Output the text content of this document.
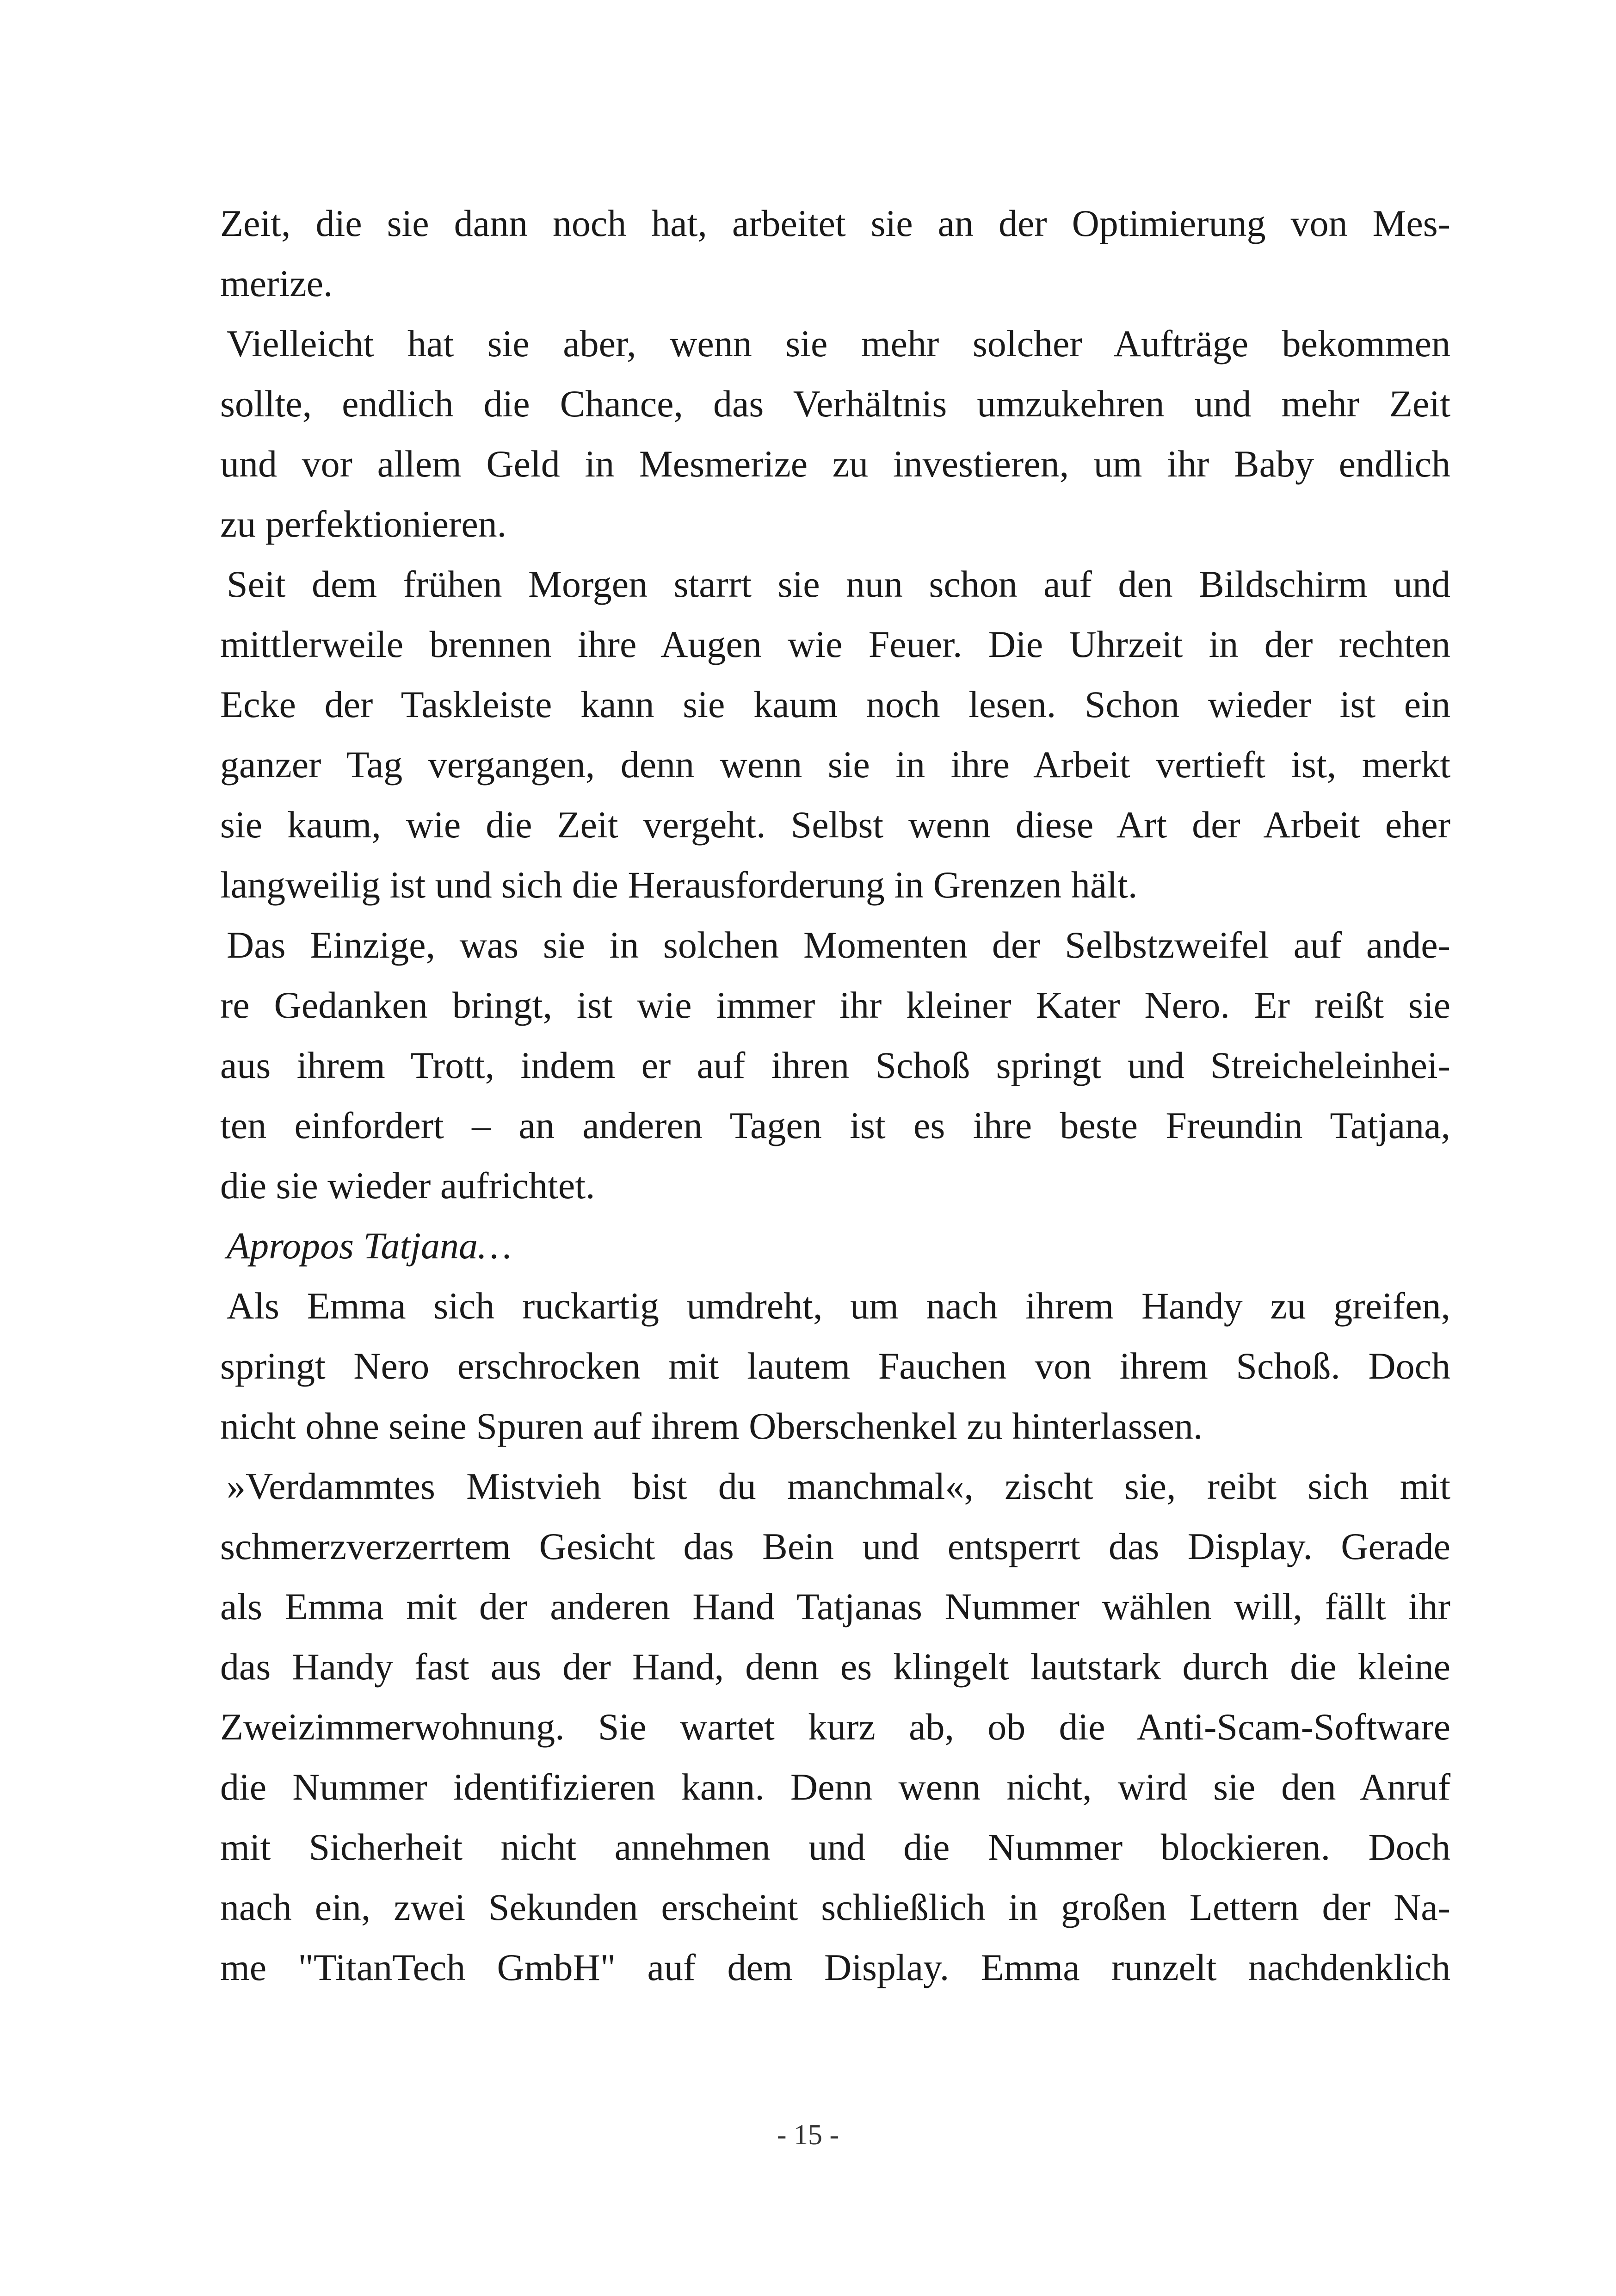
Zeit, die sie dann noch hat, arbeitet sie an der Optimierung von Mes-
merize.
Vielleicht hat sie aber, wenn sie mehr solcher Aufträge bekommen
sollte, endlich die Chance, das Verhältnis umzukehren und mehr Zeit
und vor allem Geld in Mesmerize zu investieren, um ihr Baby endlich
zu perfektionieren.
Seit dem frühen Morgen starrt sie nun schon auf den Bildschirm und
mittlerweile brennen ihre Augen wie Feuer. Die Uhrzeit in der rechten
Ecke der Taskleiste kann sie kaum noch lesen. Schon wieder ist ein
ganzer Tag vergangen, denn wenn sie in ihre Arbeit vertieft ist, merkt
sie kaum, wie die Zeit vergeht. Selbst wenn diese Art der Arbeit eher
langweilig ist und sich die Herausforderung in Grenzen hält.
Das Einzige, was sie in solchen Momenten der Selbstzweifel auf ande-
re Gedanken bringt, ist wie immer ihr kleiner Kater Nero. Er reißt sie
aus ihrem Trott, indem er auf ihren Schoß springt und Streicheleinhei-
ten einfordert – an anderen Tagen ist es ihre beste Freundin Tatjana,
die sie wieder aufrichtet.
Apropos Tatjana…
Als Emma sich ruckartig umdreht, um nach ihrem Handy zu greifen,
springt Nero erschrocken mit lautem Fauchen von ihrem Schoß. Doch
nicht ohne seine Spuren auf ihrem Oberschenkel zu hinterlassen.
»Verdammtes Mistvieh bist du manchmal«, zischt sie, reibt sich mit
schmerzverzerrtem Gesicht das Bein und entsperrt das Display. Gerade
als Emma mit der anderen Hand Tatjanas Nummer wählen will, fällt ihr
das Handy fast aus der Hand, denn es klingelt lautstark durch die kleine
Zweizimmerwohnung. Sie wartet kurz ab, ob die Anti-Scam-Software
die Nummer identifizieren kann. Denn wenn nicht, wird sie den Anruf
mit Sicherheit nicht annehmen und die Nummer blockieren. Doch
nach ein, zwei Sekunden erscheint schließlich in großen Lettern der Na-
me "TitanTech GmbH" auf dem Display. Emma runzelt nachdenklich
- 15 -
